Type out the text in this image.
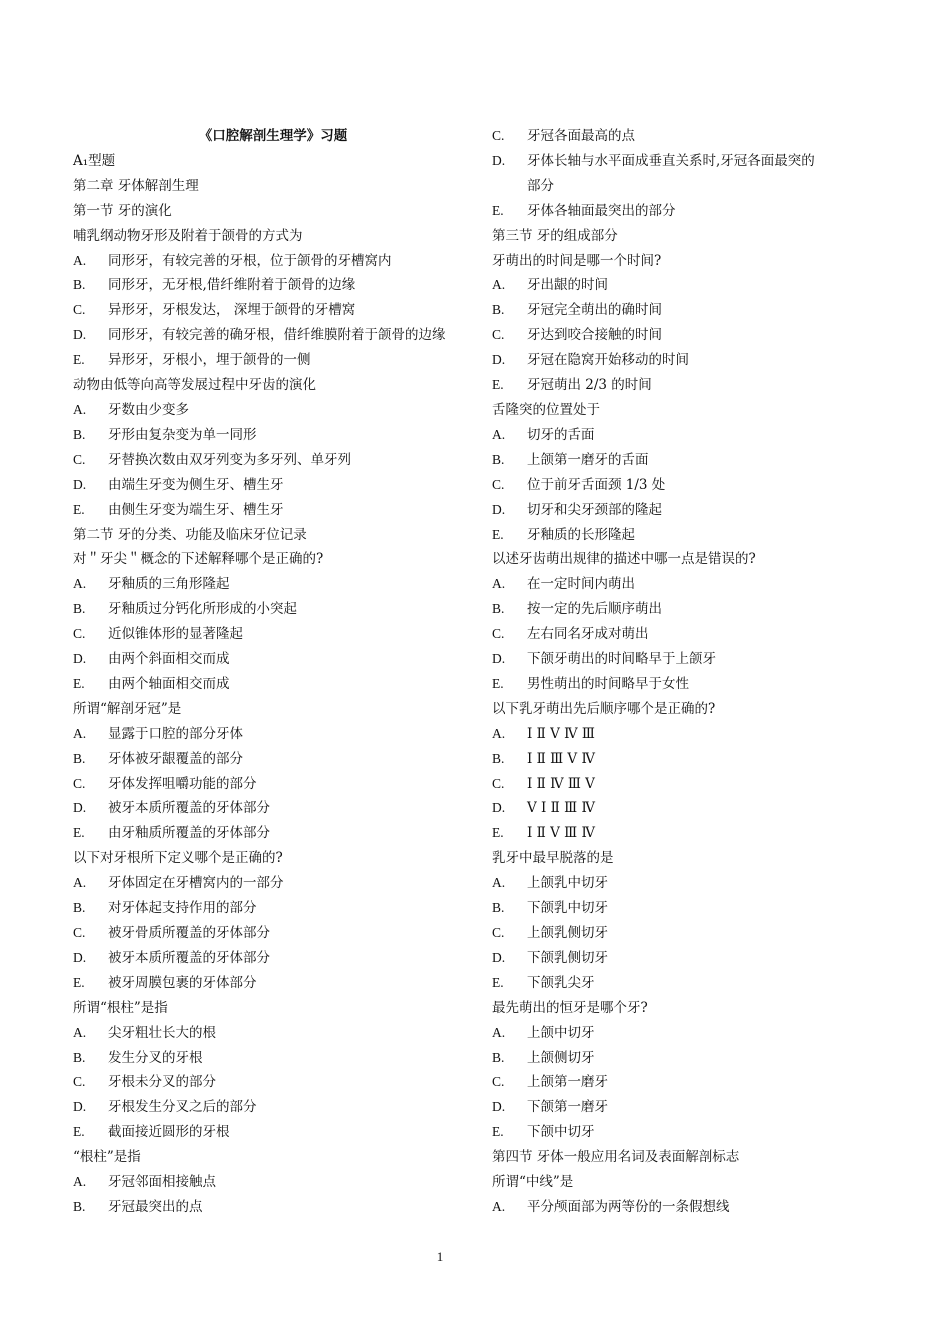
《口腔解剖生理学》习题
A₁型题
第二章 牙体解剖生理
第一节 牙的演化
哺乳纲动物牙形及附着于颌骨的方式为
A.	同形牙，有较完善的牙根，位于颌骨的牙槽窝内
B.	同形牙，无牙根,借纤维附着于颌骨的边缘
C.	异形牙，牙根发达， 深埋于颌骨的牙槽窝
D.	同形牙，有较完善的确牙根，借纤维膜附着于颌骨的边缘
E.	异形牙，牙根小，埋于颌骨的一侧
动物由低等向高等发展过程中牙齿的演化
A.	牙数由少变多
B.	牙形由复杂变为单一同形
C.	牙替换次数由双牙列变为多牙列、单牙列
D.	由端生牙变为侧生牙、槽生牙
E.	由侧生牙变为端生牙、槽生牙
第二节 牙的分类、功能及临床牙位记录
对＂牙尖＂概念的下述解释哪个是正确的?
A.	牙釉质的三角形隆起
B.	牙釉质过分钙化所形成的小突起
C.	近似锥体形的显著隆起
D.	由两个斜面相交而成
E.	由两个轴面相交而成
所谓“解剖牙冠”是
A.	显露于口腔的部分牙体
B.	牙体被牙龈覆盖的部分
C.	牙体发挥咀嚼功能的部分
D.	被牙本质所覆盖的牙体部分
E.	由牙釉质所覆盖的牙体部分
以下对牙根所下定义哪个是正确的?
A.	牙体固定在牙槽窝内的一部分
B.	对牙体起支持作用的部分
C.	被牙骨质所覆盖的牙体部分
D.	被牙本质所覆盖的牙体部分
E.	被牙周膜包裹的牙体部分
所谓“根柱”是指
A.	尖牙粗壮长大的根
B.	发生分叉的牙根
C.	牙根未分叉的部分
D.	牙根发生分叉之后的部分
E.	截面接近圆形的牙根
“根柱”是指
A.	牙冠邻面相接触点
B.	牙冠最突出的点
C.	牙冠各面最高的点
D.	牙体长轴与水平面成垂直关系时,牙冠各面最突的部分
E.	牙体各轴面最突出的部分
第三节 牙的组成部分
牙萌出的时间是哪一个时间?
A.	牙出龈的时间
B.	牙冠完全萌出的确时间
C.	牙达到咬合接触的时间
D.	牙冠在隐窝开始移动的时间
E.	牙冠萌出 2/3 的时间
舌隆突的位置处于
A.	切牙的舌面
B.	上颌第一磨牙的舌面
C.	位于前牙舌面颈 1/3 处
D.	切牙和尖牙颈部的隆起
E.	牙釉质的长形隆起
以述牙齿萌出规律的描述中哪一点是错误的?
A.	在一定时间内萌出
B.	按一定的先后顺序萌出
C.	左右同名牙成对萌出
D.	下颌牙萌出的时间略早于上颌牙
E.	男性萌出的时间略早于女性
以下乳牙萌出先后顺序哪个是正确的?
A.	Ⅰ Ⅱ Ⅴ Ⅳ Ⅲ
B.	Ⅰ Ⅱ Ⅲ Ⅴ Ⅳ
C.	Ⅰ Ⅱ Ⅳ Ⅲ Ⅴ
D.	Ⅴ Ⅰ Ⅱ Ⅲ Ⅳ
E.	Ⅰ Ⅱ Ⅴ Ⅲ Ⅳ
乳牙中最早脱落的是
A.	上颌乳中切牙
B.	下颌乳中切牙
C.	上颌乳侧切牙
D.	下颌乳侧切牙
E.	下颌乳尖牙
最先萌出的恒牙是哪个牙?
A.	上颌中切牙
B.	上颌侧切牙
C.	上颌第一磨牙
D.	下颌第一磨牙
E.	下颌中切牙
第四节 牙体一般应用名词及表面解剖标志
所谓“中线”是
A.	平分颅面部为两等份的一条假想线
1
